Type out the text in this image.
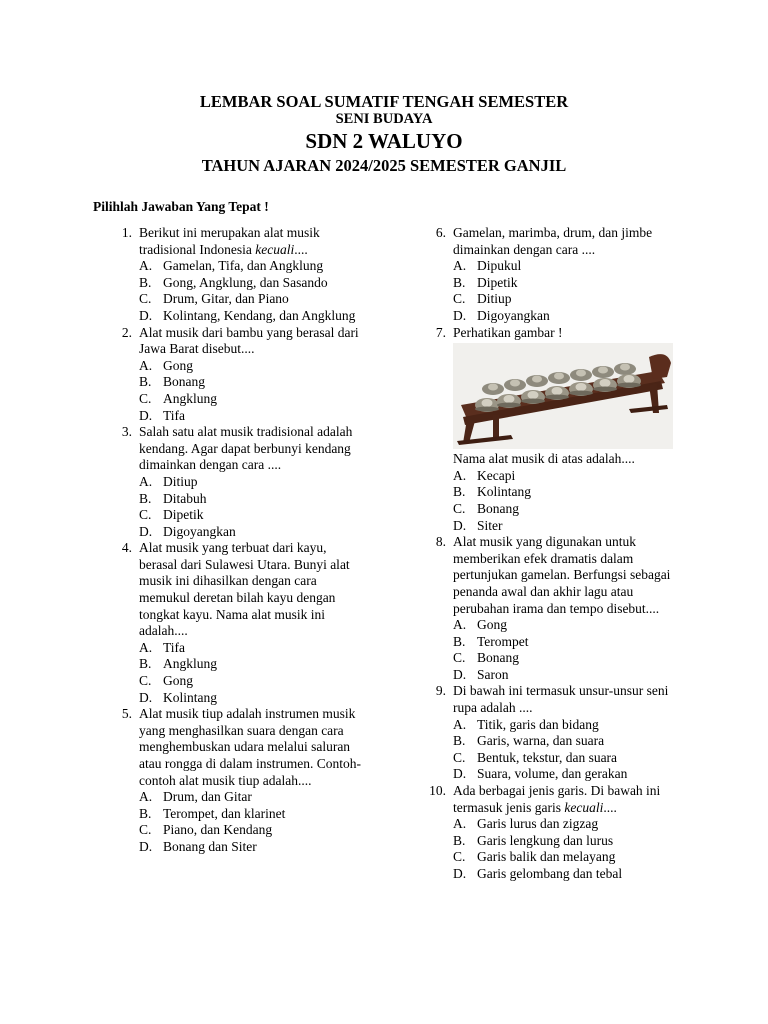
LEMBAR SOAL SUMATIF TENGAH SEMESTER
SENI BUDAYA
SDN 2 WALUYO
TAHUN AJARAN 2024/2025 SEMESTER GANJIL
Pilihlah Jawaban Yang Tepat !
1. Berikut ini merupakan alat musik tradisional Indonesia kecuali....
A. Gamelan, Tifa, dan Angklung
B. Gong, Angklung, dan Sasando
C. Drum, Gitar, dan Piano
D. Kolintang, Kendang, dan Angklung
2. Alat musik dari bambu yang berasal dari Jawa Barat disebut....
A. Gong
B. Bonang
C. Angklung
D. Tifa
3. Salah satu alat musik tradisional adalah kendang. Agar dapat berbunyi kendang dimainkan dengan cara ....
A. Ditiup
B. Ditabuh
C. Dipetik
D. Digoyangkan
4. Alat musik yang terbuat dari kayu, berasal dari Sulawesi Utara. Bunyi alat musik ini dihasilkan dengan cara memukul deretan bilah kayu dengan tongkat kayu. Nama alat musik ini adalah....
A. Tifa
B. Angklung
C. Gong
D. Kolintang
5. Alat musik tiup adalah instrumen musik yang menghasilkan suara dengan cara menghembuskan udara melalui saluran atau rongga di dalam instrumen. Contoh-contoh alat musik tiup adalah....
A. Drum, dan Gitar
B. Terompet, dan klarinet
C. Piano, dan Kendang
D. Bonang dan Siter
6. Gamelan, marimba, drum, dan jimbe dimainkan dengan cara ....
A. Dipukul
B. Dipetik
C. Ditiup
D. Digoyangkan
7. Perhatikan gambar !
Nama alat musik di atas adalah....
A. Kecapi
B. Kolintang
C. Bonang
D. Siter
8. Alat musik yang digunakan untuk memberikan efek dramatis dalam pertunjukan gamelan. Berfungsi sebagai penanda awal dan akhir lagu atau perubahan irama dan tempo disebut....
A. Gong
B. Terompet
C. Bonang
D. Saron
9. Di bawah ini termasuk unsur-unsur seni rupa adalah ....
A. Titik, garis dan bidang
B. Garis, warna, dan suara
C. Bentuk, tekstur, dan suara
D. Suara, volume, dan gerakan
10. Ada berbagai jenis garis. Di bawah ini termasuk jenis garis kecuali....
A. Garis lurus dan zigzag
B. Garis lengkung dan lurus
C. Garis balik dan melayang
D. Garis gelombang dan tebal
